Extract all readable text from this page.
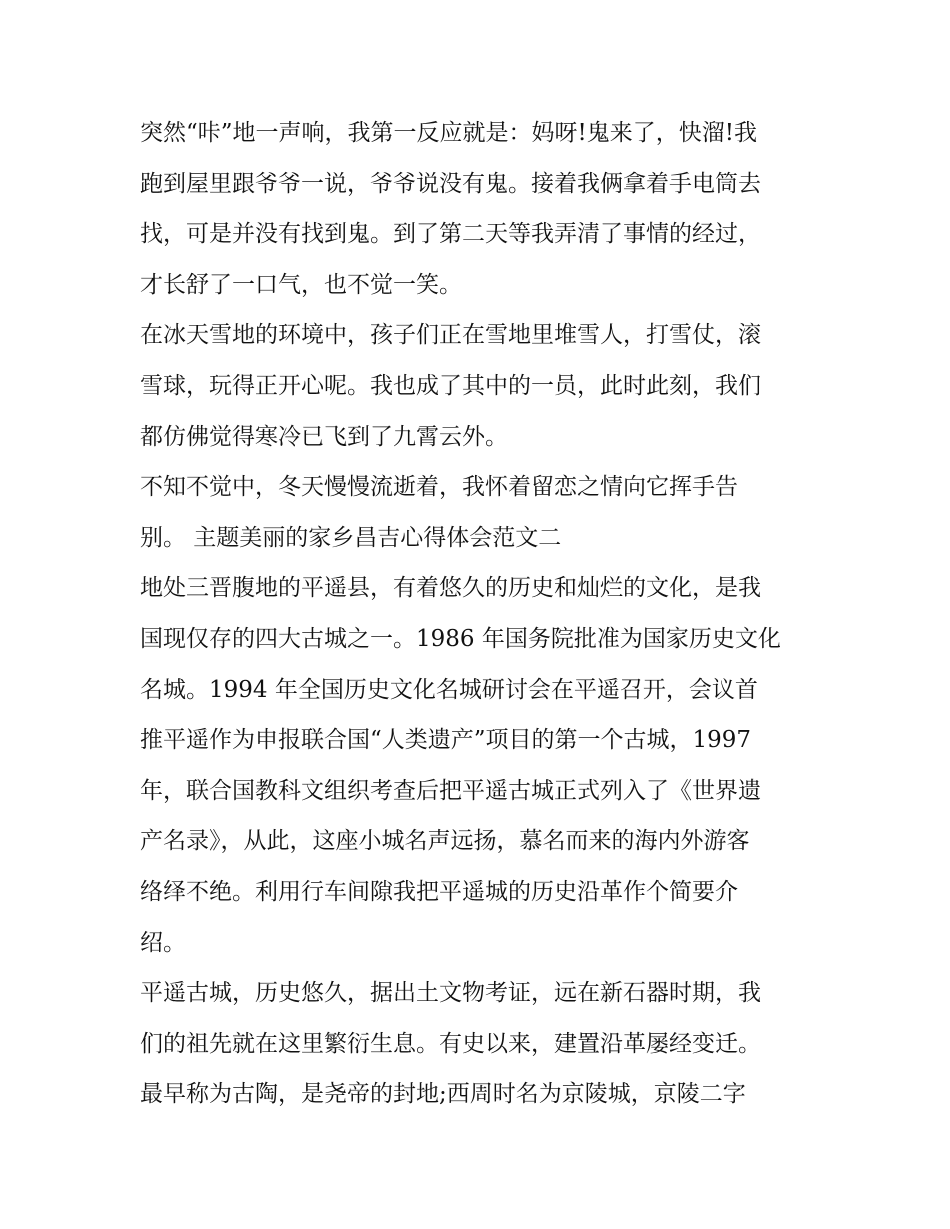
突然“咔”地一声响，我第一反应就是：妈呀!鬼来了，快溜!我
跑到屋里跟爷爷一说，爷爷说没有鬼。接着我俩拿着手电筒去
找，可是并没有找到鬼。到了第二天等我弄清了事情的经过，
才长舒了一口气，也不觉一笑。
在冰天雪地的环境中，孩子们正在雪地里堆雪人，打雪仗，滚
雪球，玩得正开心呢。我也成了其中的一员，此时此刻，我们
都仿佛觉得寒冷已飞到了九霄云外。
不知不觉中，冬天慢慢流逝着，我怀着留恋之情向它挥手告
别。 主题美丽的家乡昌吉心得体会范文二
地处三晋腹地的平遥县，有着悠久的历史和灿烂的文化，是我
国现仅存的四大古城之一。1986 年国务院批准为国家历史文化
名城。1994 年全国历史文化名城研讨会在平遥召开，会议首
推平遥作为申报联合国“人类遗产”项目的第一个古城，1997
年，联合国教科文组织考查后把平遥古城正式列入了《世界遗
产名录》，从此，这座小城名声远扬，慕名而来的海内外游客
络绎不绝。利用行车间隙我把平遥城的历史沿革作个简要介
绍。
平遥古城，历史悠久，据出土文物考证，远在新石器时期，我
们的祖先就在这里繁衍生息。有史以来，建置沿革屡经变迁。
最早称为古陶，是尧帝的封地;西周时名为京陵城，京陵二字
